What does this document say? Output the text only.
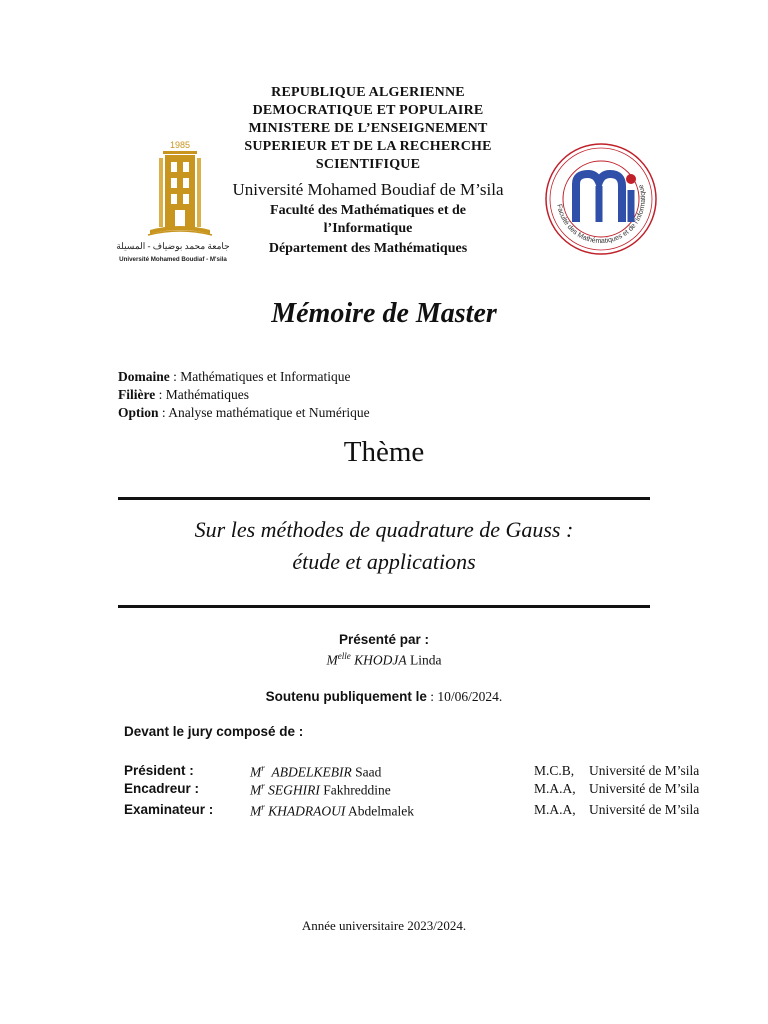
1985
جامعة محمد بوضياف - المسيلة
Université Mohamed Boudiaf - M'sila
REPUBLIQUE ALGERIENNE
DEMOCRATIQUE ET POPULAIRE
MINISTERE DE L’ENSEIGNEMENT
SUPERIEUR ET DE LA RECHERCHE
SCIENTIFIQUE
Université Mohamed Boudiaf de M’sila
Faculté des Mathématiques et de
l’Informatique
Département des Mathématiques
Faculté des Mathématiques et de l'Informatique
Mémoire de Master
Domaine : Mathématiques et Informatique
Filière : Mathématiques
Option : Analyse mathématique et Numérique
Thème
Sur les méthodes de quadrature de Gauss :
étude et applications
Présenté par :
$M^{elle}$ KHODJA Linda
Soutenu publiquement le : 10/06/2024.
Devant le jury composé de :
Président :	$M^r$ ABDELKEBIR Saad	M.C.B, Université de M’sila
Encadreur :	$M^r$ SEGHIRI Fakhreddine	M.A.A, Université de M’sila
Examinateur :	$M^r$ KHADRAOUI Abdelmalek	M.A.A, Université de M’sila
Année universitaire 2023/2024.
